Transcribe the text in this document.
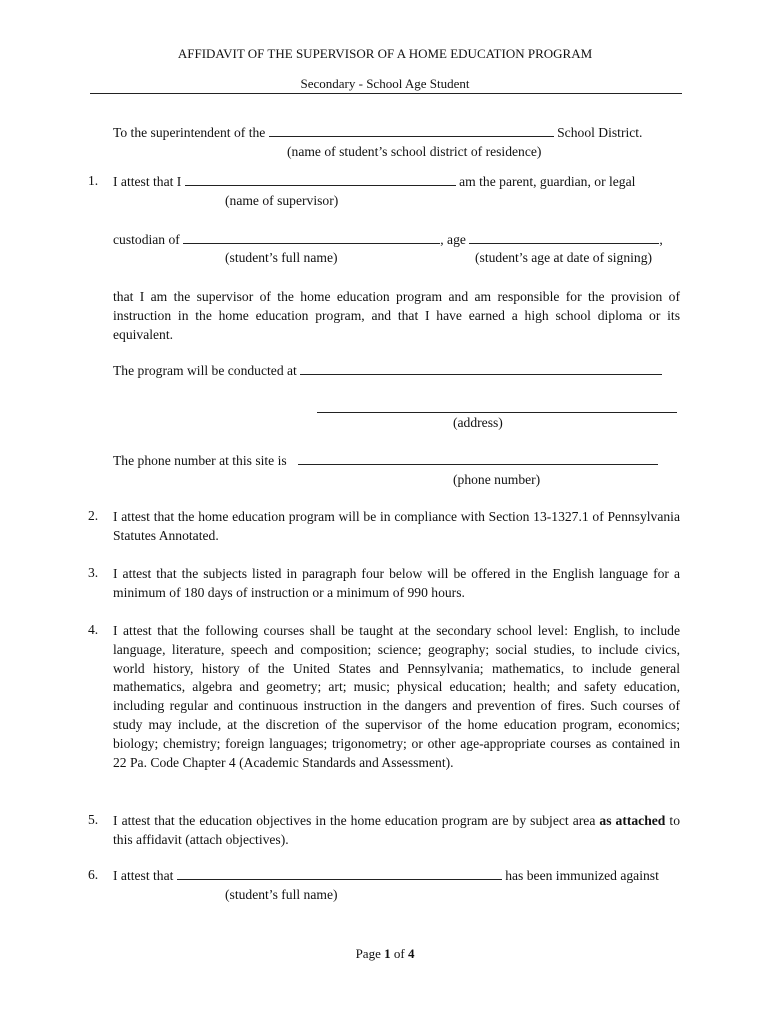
AFFIDAVIT OF THE SUPERVISOR OF A HOME EDUCATION PROGRAM
Secondary - School Age Student
To the superintendent of the	School District.
(name of student’s school district of residence)
1. I attest that I	am the parent, guardian, or legal
(name of supervisor)
custodian of	, age	,
(student’s full name)	(student’s age at date of signing)
that I am the supervisor of the home education program and am responsible for the provision of instruction in the home education program, and that I have earned a high school diploma or its equivalent.
The program will be conducted at
(address)
The phone number at this site is
(phone number)
2. I attest that the home education program will be in compliance with Section 13-1327.1 of Pennsylvania Statutes Annotated.
3. I attest that the subjects listed in paragraph four below will be offered in the English language for a minimum of 180 days of instruction or a minimum of 990 hours.
4. I attest that the following courses shall be taught at the secondary school level: English, to include language, literature, speech and composition; science; geography; social studies, to include civics, world history, history of the United States and Pennsylvania; mathematics, to include general mathematics, algebra and geometry; art; music; physical education; health; and safety education, including regular and continuous instruction in the dangers and prevention of fires. Such courses of study may include, at the discretion of the supervisor of the home education program, economics; biology; chemistry; foreign languages; trigonometry; or other age-appropriate courses as contained in 22 Pa. Code Chapter 4 (Academic Standards and Assessment).
5. I attest that the education objectives in the home education program are by subject area as attached to this affidavit (attach objectives).
6. I attest that	has been immunized against
(student’s full name)
Page 1 of 4
